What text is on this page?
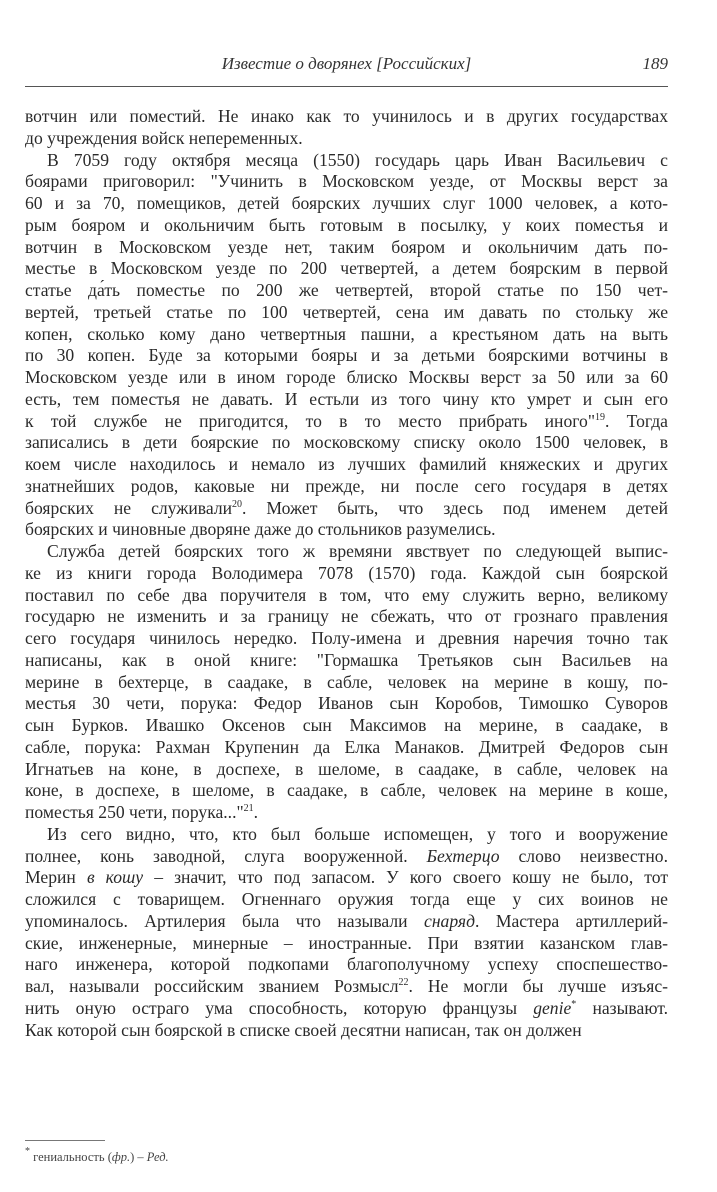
Известие о дворянех [Российских]	189
вотчин или поместий. Не инако как то учинилось и в других государствах
до учреждения войск непеременных.
В 7059 году октября месяца (1550) государь царь Иван Васильевич с
боярами приговорил: "Учинить в Московском уезде, от Москвы верст за
60 и за 70, помещиков, детей боярских лучших слуг 1000 человек, а кото-
рым бояром и окольничим быть готовым в посылку, у коих поместья и
вотчин в Московском уезде нет, таким бояром и окольничим дать по-
местье в Московском уезде по 200 четвертей, а детем боярским в первой
статье да́ть поместье по 200 же четвертей, второй статье по 150 чет-
вертей, третьей статье по 100 четвертей, сена им давать по стольку же
копен, сколько кому дано четвертныя пашни, а крестьяном дать на выть
по 30 копен. Буде за которыми бояры и за детьми боярскими вотчины в
Московском уезде или в ином городе блиско Москвы верст за 50 или за 60
есть, тем поместья не давать. И естьли из того чину кто умрет и сын его
к той службе не пригодится, то в то место прибрать иного"$^{19}$. Тогда
записались в дети боярские по московскому списку около 1500 человек, в
коем числе находилось и немало из лучших фамилий княжеских и других
знатнейших родов, каковые ни прежде, ни после сего государя в детях
боярских не служивали$^{20}$. Может быть, что здесь под именем детей
боярских и чиновные дворяне даже до стольников разумелись.
Служба детей боярских того ж времяни явствует по следующей выпис-
ке из книги города Володимера 7078 (1570) года. Каждой сын боярской
поставил по себе два поручителя в том, что ему служить верно, великому
государю не изменить и за границу не сбежать, что от грознаго правления
сего государя чинилось нередко. Полу-имена и древния наречия точно так
написаны, как в оной книге: "Гормашка Третьяков сын Васильев на
мерине в бехтерце, в саадаке, в сабле, человек на мерине в кошу, по-
местья 30 чети, порука: Федор Иванов сын Коробов, Тимошко Суворов
сын Бурков. Ивашко Оксенов сын Максимов на мерине, в саадаке, в
сабле, порука: Рахман Крупенин да Елка Манаков. Дмитрей Федоров сын
Игнатьев на коне, в доспехе, в шеломе, в саадаке, в сабле, человек на
коне, в доспехе, в шеломе, в саадаке, в сабле, человек на мерине в коше,
поместья 250 чети, порука..."$^{21}$.
Из сего видно, что, кто был больше испомещен, у того и вооружение
полнее, конь заводной, слуга вооруженной. Бехтерцо слово неизвестно.
Мерин в кошу – значит, что под запасом. У кого своего кошу не было, тот
сложился с товарищем. Огненнаго оружия тогда еще у сих воинов не
упоминалось. Артилерия была что называли снаряд. Мастера артиллерий-
ские, инженерные, минерные – иностранные. При взятии казанском глав-
наго инженера, которой подкопами благополучному успеху споспешество-
вал, называли российским званием Розмысл$^{22}$. Не могли бы лучше изъяс-
нить оную остраго ума способность, которую французы genie* называют.
Как которой сын боярской в списке своей десятни написан, так он должен
* гениальность (фр.) – Ред.
